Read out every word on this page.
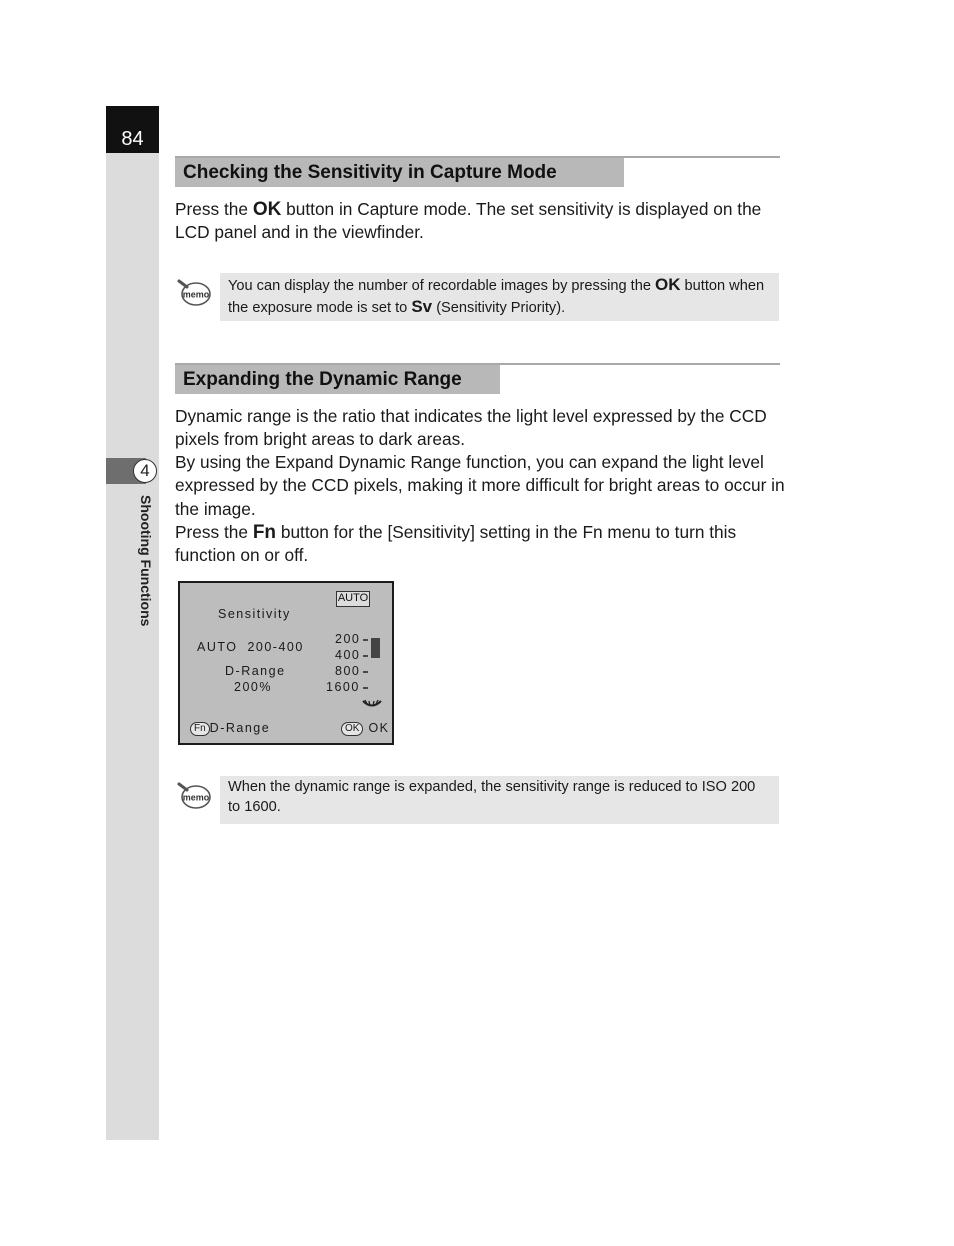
84
4
Shooting Functions
Checking the Sensitivity in Capture Mode

Press the OK button in Capture mode. The set sensitivity is displayed on the LCD panel and in the viewfinder.

memo
You can display the number of recordable images by pressing the OK button when the exposure mode is set to Sv (Sensitivity Priority).
Expanding the Dynamic Range

Dynamic range is the ratio that indicates the light level expressed by the CCD pixels from bright areas to dark areas.

By using the Expand Dynamic Range function, you can expand the light level expressed by the CCD pixels, making it more difficult for bright areas to occur in the image.

Press the Fn button for the [Sensitivity] setting in the Fn menu to turn this function on or off.

AUTO
Sensitivity
AUTO  200-400
D-Range
200%
200
400
800
1600
Fn D-Range	OK OK
memo
When the dynamic range is expanded, the sensitivity range is reduced to ISO 200 to 1600.
